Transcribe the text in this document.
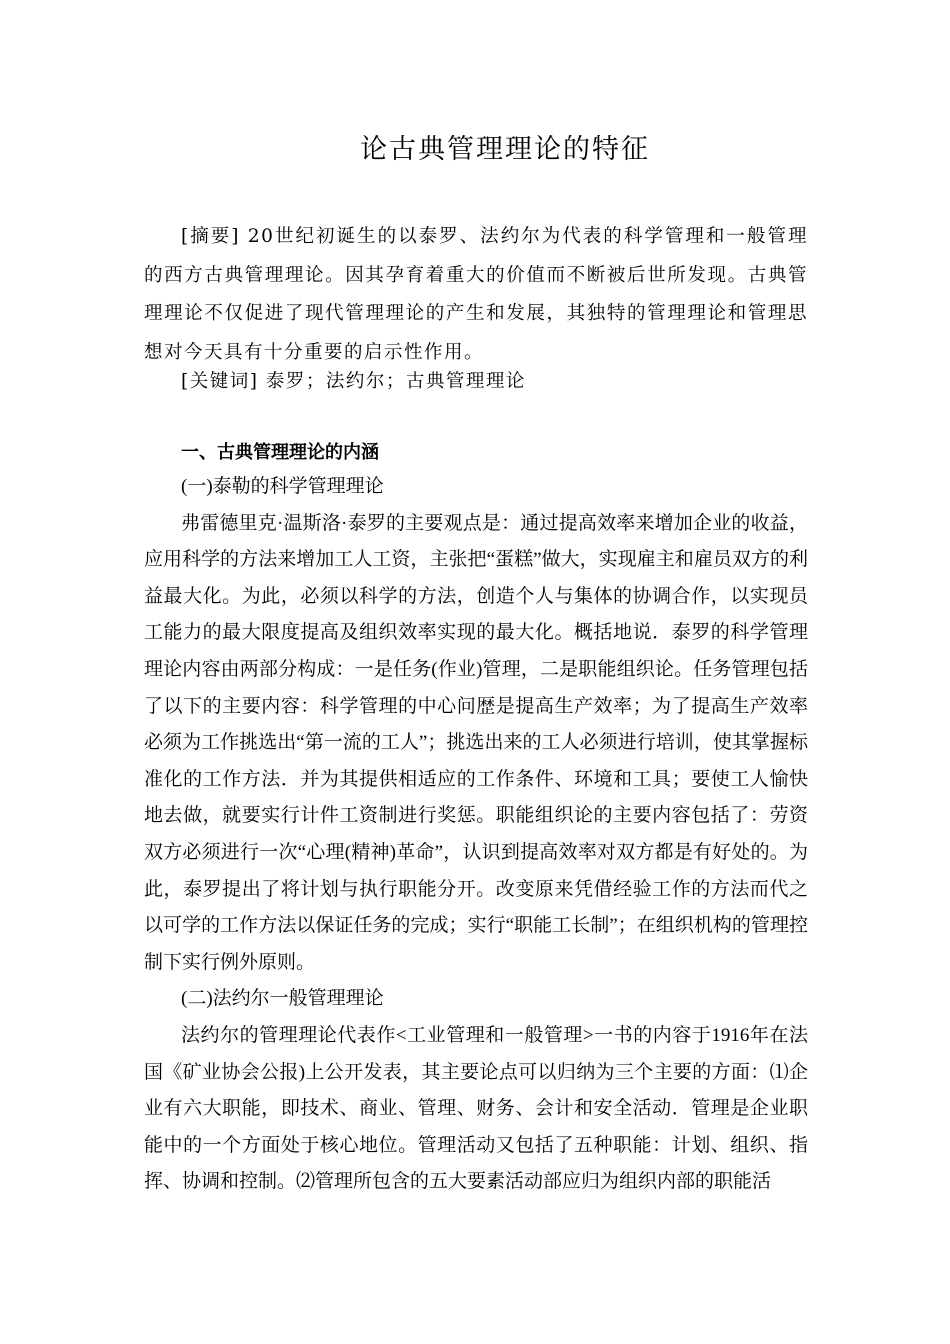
论古典管理理论的特征

[摘要] 20世纪初诞生的以泰罗、法约尔为代表的科学管理和一般管理的西方古典管理理论。因其孕育着重大的价值而不断被后世所发现。古典管理理论不仅促进了现代管理理论的产生和发展，其独特的管理理论和管理思想对今天具有十分重要的启示性作用。

[关键词] 泰罗；法约尔；古典管理理论
一、古典管理理论的内涵

(一)泰勒的科学管理理论

弗雷德里克·温斯洛·泰罗的主要观点是：通过提高效率来增加企业的收益，应用科学的方法来增加工人工资，主张把“蛋糕”做大，实现雇主和雇员双方的利益最大化。为此，必须以科学的方法，创造个人与集体的协调合作，以实现员工能力的最大限度提高及组织效率实现的最大化。概括地说．泰罗的科学管理理论内容由两部分构成：一是任务(作业)管理，二是职能组织论。任务管理包括了以下的主要内容：科学管理的中心问歴是提高生产效率；为了提高生产效率必须为工作挑选出“第一流的工人”；挑选出来的工人必须进行培训，使其掌握标准化的工作方法．并为其提供相适应的工作条件、环境和工具；要使工人愉快地去做，就要实行计件工资制进行奖惩。职能组织论的主要内容包括了：劳资双方必须进行一次“心理(精神)革命”，认识到提高效率对双方都是有好处的。为此，泰罗提出了将计划与执行职能分开。改变原来凭借经验工作的方法而代之以可学的工作方法以保证任务的完成；实行“职能工长制”；在组织机构的管理控制下实行例外原则。

(二)法约尔一般管理理论

法约尔的管理理论代表作<工业管理和一般管理>一书的内容于1916年在法国《矿业协会公报)上公开发表，其主要论点可以归纳为三个主要的方面：⑴企业有六大职能，即技术、商业、管理、财务、会计和安全活动．管理是企业职能中的一个方面处于核心地位。管理活动又包括了五种职能：计划、组织、指挥、协调和控制。⑵管理所包含的五大要素活动部应归为组织内部的职能活
